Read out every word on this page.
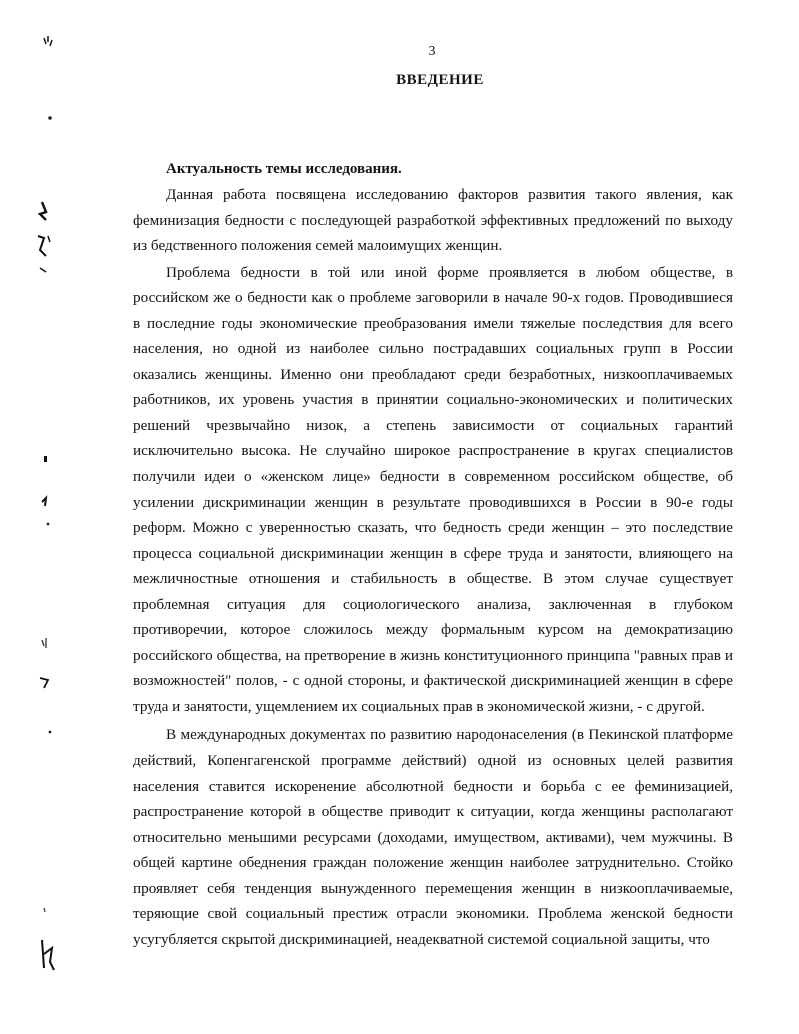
3
ВВЕДЕНИЕ

Актуальность темы исследования.

Данная работа посвящена исследованию факторов развития такого явления, как феминизация бедности с последующей разработкой эффективных предложений по выходу из бедственного положения семей малоимущих женщин.

Проблема бедности в той или иной форме проявляется в любом обществе, в российском же о бедности как о проблеме заговорили в начале 90-х годов. Проводившиеся в последние годы экономические преобразования имели тяжелые последствия для всего населения, но одной из наиболее сильно пострадавших социальных групп в России оказались женщины. Именно они преобладают среди безработных, низкооплачиваемых работников, их уровень участия в принятии социально-экономических и политических решений чрезвычайно низок, а степень зависимости от социальных гарантий исключительно высока. Не случайно широкое распространение в кругах специалистов получили идеи о «женском лице» бедности в современном российском обществе, об усилении дискриминации женщин в результате проводившихся в России в 90-е годы реформ. Можно с уверенностью сказать, что бедность среди женщин – это последствие процесса социальной дискриминации женщин в сфере труда и занятости, влияющего на межличностные отношения и стабильность в обществе. В этом случае существует проблемная ситуация для социологического анализа, заключенная в глубоком противоречии, которое сложилось между формальным курсом на демократизацию российского общества, на претворение в жизнь конституционного принципа "равных прав и возможностей" полов, - с одной стороны, и фактической дискриминацией женщин в сфере труда и занятости, ущемлением их социальных прав в экономической жизни, - с другой.

В международных документах по развитию народонаселения (в Пекинской платформе действий, Копенгагенской программе действий) одной из основных целей развития населения ставится искоренение абсолютной бедности и борьба с ее феминизацией, распространение которой в обществе приводит к ситуации, когда женщины располагают относительно меньшими ресурсами (доходами, имуществом, активами), чем мужчины. В общей картине обеднения граждан положение женщин наиболее затруднительно. Стойко проявляет себя тенденция вынужденного перемещения женщин в низкооплачиваемые, теряющие свой социальный престиж отрасли экономики. Проблема женской бедности усугубляется скрытой дискриминацией, неадекватной системой социальной защиты, что
